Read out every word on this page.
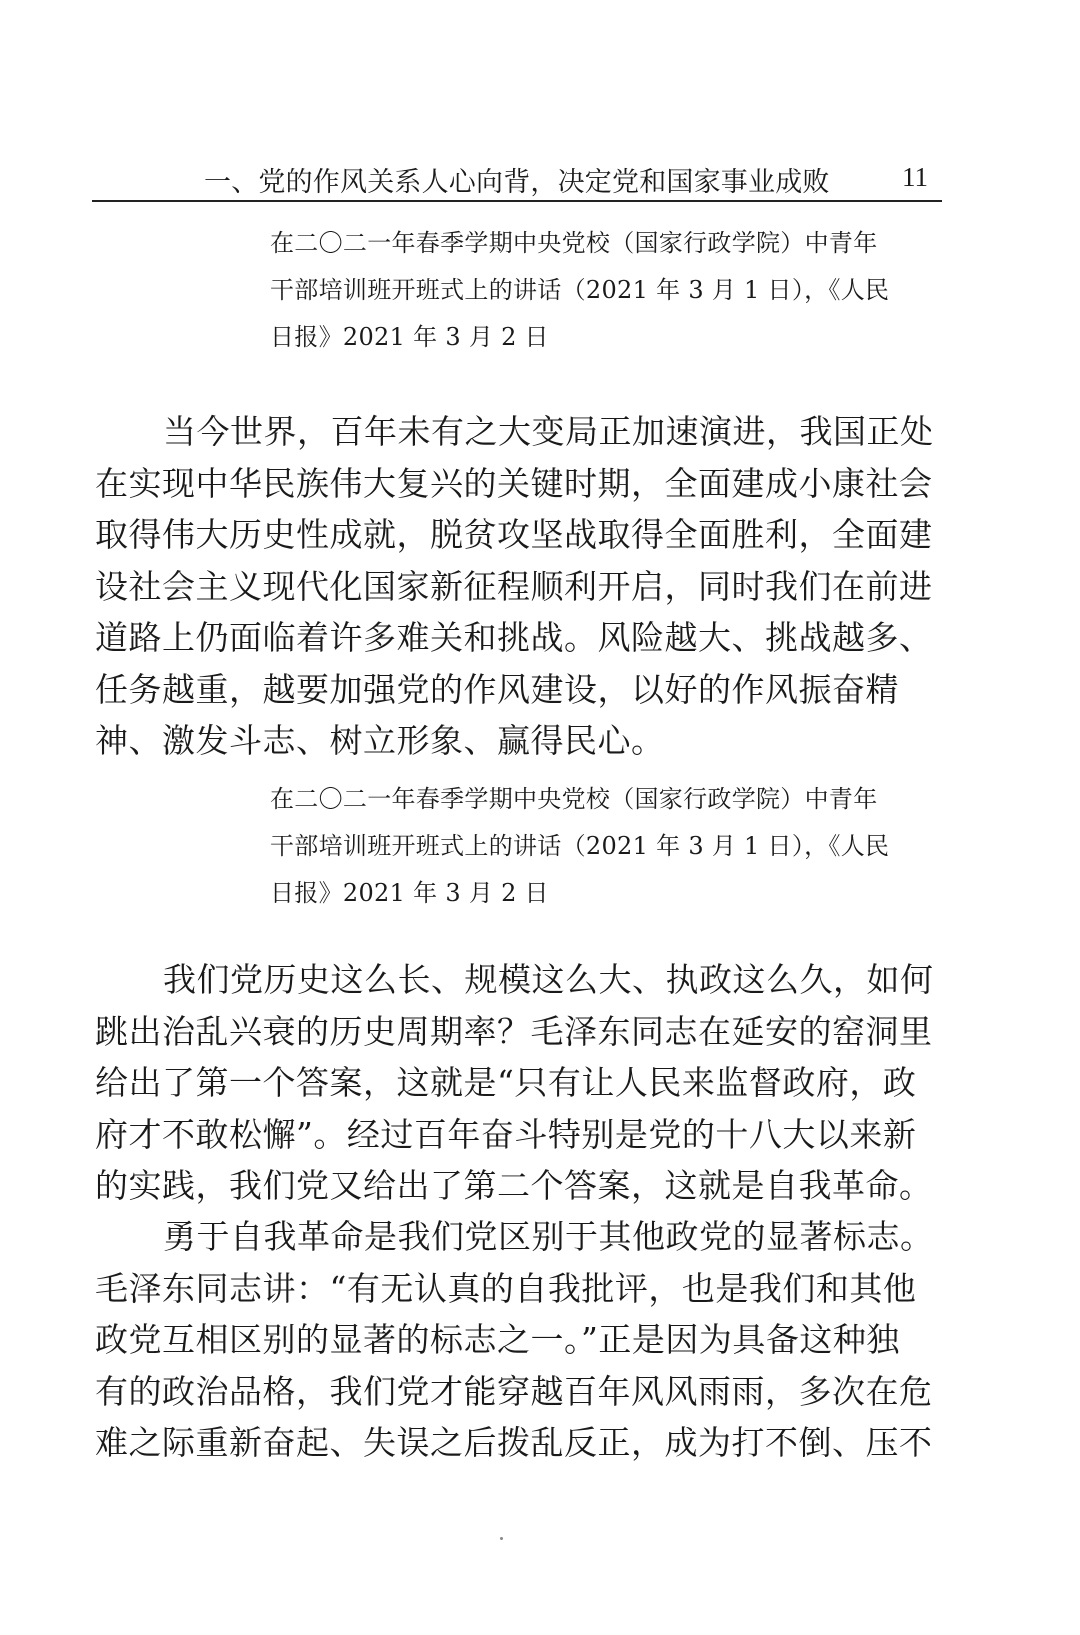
一、党的作风关系人心向背，决定党和国家事业成败	11
在二〇二一年春季学期中央党校（国家行政学院）中青年
干部培训班开班式上的讲话（2021 年 3 月 1 日），《人民
日报》2021 年 3 月 2 日
当今世界，百年未有之大变局正加速演进，我国正处
在实现中华民族伟大复兴的关键时期，全面建成小康社会
取得伟大历史性成就，脱贫攻坚战取得全面胜利，全面建
设社会主义现代化国家新征程顺利开启，同时我们在前进
道路上仍面临着许多难关和挑战。风险越大、挑战越多、
任务越重，越要加强党的作风建设，以好的作风振奋精
神、激发斗志、树立形象、赢得民心。
在二〇二一年春季学期中央党校（国家行政学院）中青年
干部培训班开班式上的讲话（2021 年 3 月 1 日），《人民
日报》2021 年 3 月 2 日
我们党历史这么长、规模这么大、执政这么久，如何
跳出治乱兴衰的历史周期率？毛泽东同志在延安的窑洞里
给出了第一个答案，这就是“只有让人民来监督政府，政
府才不敢松懈”。经过百年奋斗特别是党的十八大以来新
的实践，我们党又给出了第二个答案，这就是自我革命。
勇于自我革命是我们党区别于其他政党的显著标志。
毛泽东同志讲：“有无认真的自我批评，也是我们和其他
政党互相区别的显著的标志之一。”正是因为具备这种独
有的政治品格，我们党才能穿越百年风风雨雨，多次在危
难之际重新奋起、失误之后拨乱反正，成为打不倒、压不
